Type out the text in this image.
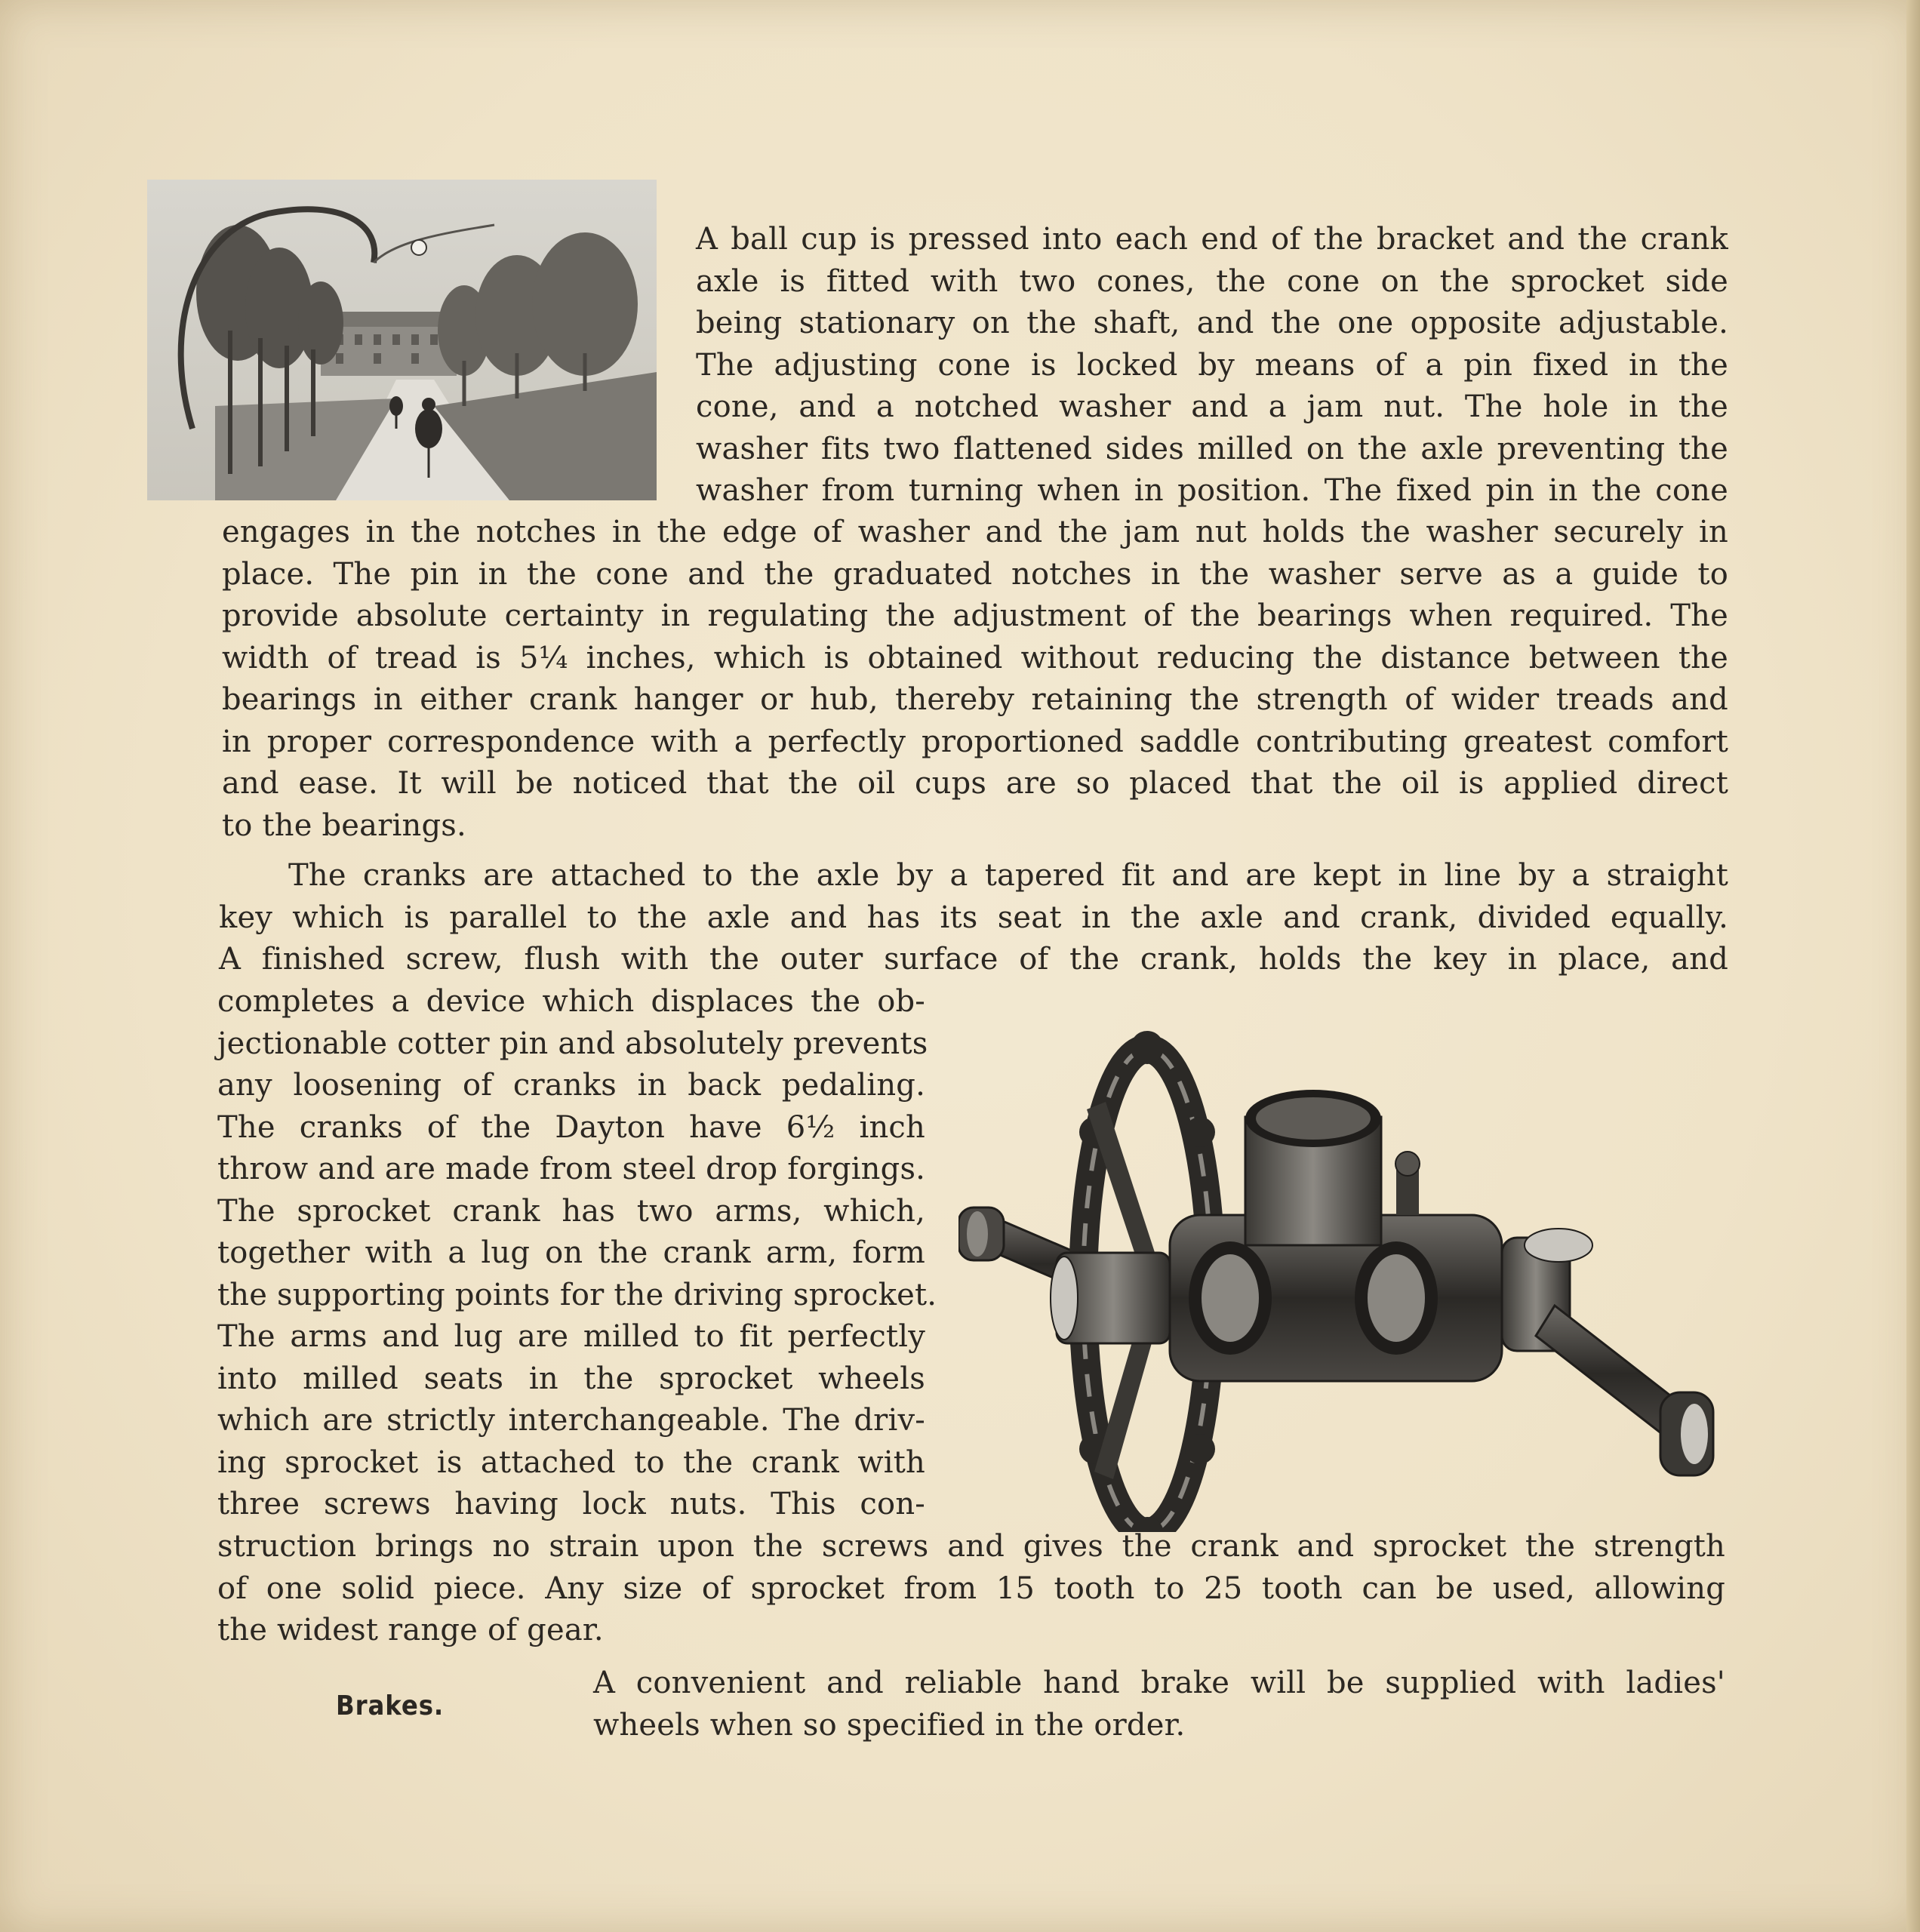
A ball cup is pressed into each end of the bracket and the crank
axle is fitted with two cones, the cone on the sprocket side
being stationary on the shaft, and the one opposite adjustable.
The adjusting cone is locked by means of a pin fixed in the
cone, and a notched washer and a jam nut. The hole in the
washer fits two flattened sides milled on the axle preventing the
washer from turning when in position. The fixed pin in the cone
engages in the notches in the edge of washer and the jam nut holds the washer securely in
place. The pin in the cone and the graduated notches in the washer serve as a guide to
provide absolute certainty in regulating the adjustment of the bearings when required. The
width of tread is 5¼ inches, which is obtained without reducing the distance between the
bearings in either crank hanger or hub, thereby retaining the strength of wider treads and
in proper correspondence with a perfectly proportioned saddle contributing greatest comfort
and ease. It will be noticed that the oil cups are so placed that the oil is applied direct
to the bearings.
The cranks are attached to the axle by a tapered fit and are kept in line by a straight
key which is parallel to the axle and has its seat in the axle and crank, divided equally.
A finished screw, flush with the outer surface of the crank, holds the key in place, and
completes a device which displaces the ob-
jectionable cotter pin and absolutely prevents
any loosening of cranks in back pedaling.
The cranks of the Dayton have 6½ inch
throw and are made from steel drop forgings.
The sprocket crank has two arms, which,
together with a lug on the crank arm, form
the supporting points for the driving sprocket.
The arms and lug are milled to fit perfectly
into milled seats in the sprocket wheels
which are strictly interchangeable. The driv-
ing sprocket is attached to the crank with
three screws having lock nuts. This con-
struction brings no strain upon the screws and gives the crank and sprocket the strength
of one solid piece. Any size of sprocket from 15 tooth to 25 tooth can be used, allowing
the widest range of gear.
Brakes.
A convenient and reliable hand brake will be supplied with ladies'
wheels when so specified in the order.
